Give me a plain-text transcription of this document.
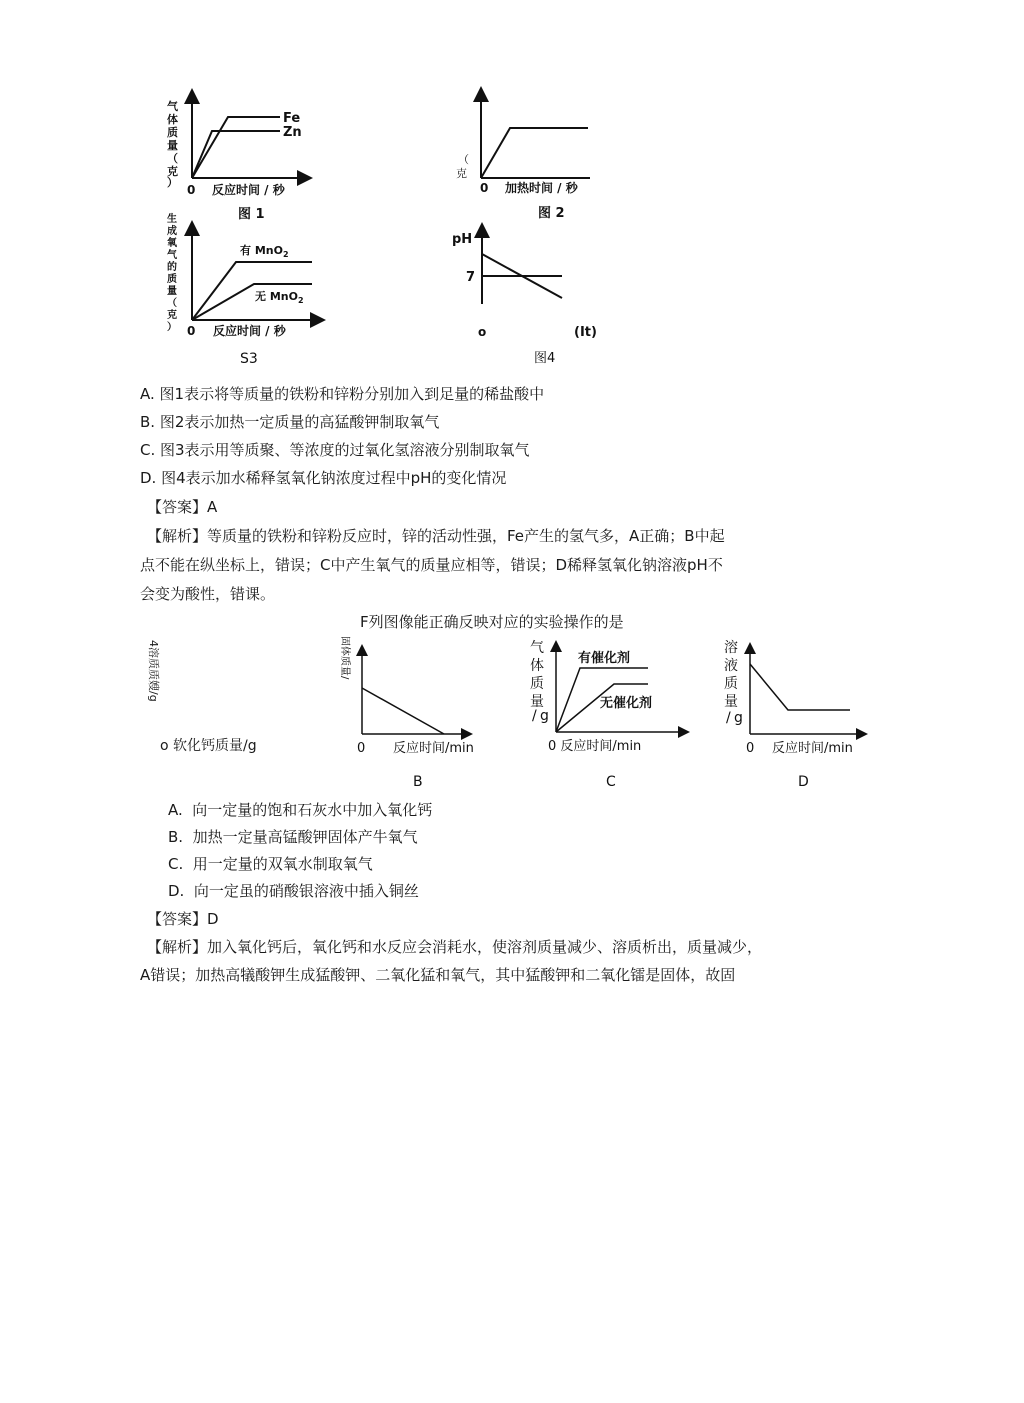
Fe
Zn
0 反应时间 / 秒
气
体
质
量
（
克
）
图 1
0 加热时间 / 秒
（
克
图 2
有 MnO$_2$
无 MnO$_2$
0 反应时间 / 秒
生
成
氧
气
的
质
量
（
克
）
S3
pH
7
o	(It)
图4
A. 图1表示将等质量的铁粉和锌粉分别加入到足量的稀盐酸中
B. 图2表示加热一定质量的高猛酸钾制取氧气
C. 图3表示用等质聚、等浓度的过氧化氢溶液分别制取氧气
D. 图4表示加水稀释氢氧化钠浓度过程中pH的变化情况
【答案】A
【解析】等质量的铁粉和锌粉反应时，锌的活动性强，Fe产生的氢气多，A正确；B中起
点不能在纵坐标上，错误；C中产生氧气的质量应相等，错误；D稀释氢氧化钠溶液pH不
会变为酸性，错课。
F列图像能正确反映对应的实验操作的是
4溶质质嫂/g
o 软化钙质量/g
固体质量/
0 反应时间/min
B
有催化剂
无催化剂
气
体
质
量
/ g
0 反应时间/min
C
溶
液
质
量
/ g
0 反应时间/min
D
A.  向一定量的饱和石灰水中加入氧化钙
B.  加热一定量高锰酸钾固体产牛氧气
C.  用一定量的双氧水制取氧气
D.  向一定虽的硝酸银溶液中插入铜丝
【答案】D
【解析】加入氧化钙后，氧化钙和水反应会消耗水，使溶剂质量减少、溶质析出，质量减少，
A错误；加热高犠酸钾生成猛酸钾、二氧化猛和氧气，其中猛酸钾和二氧化镭是固体，故固
